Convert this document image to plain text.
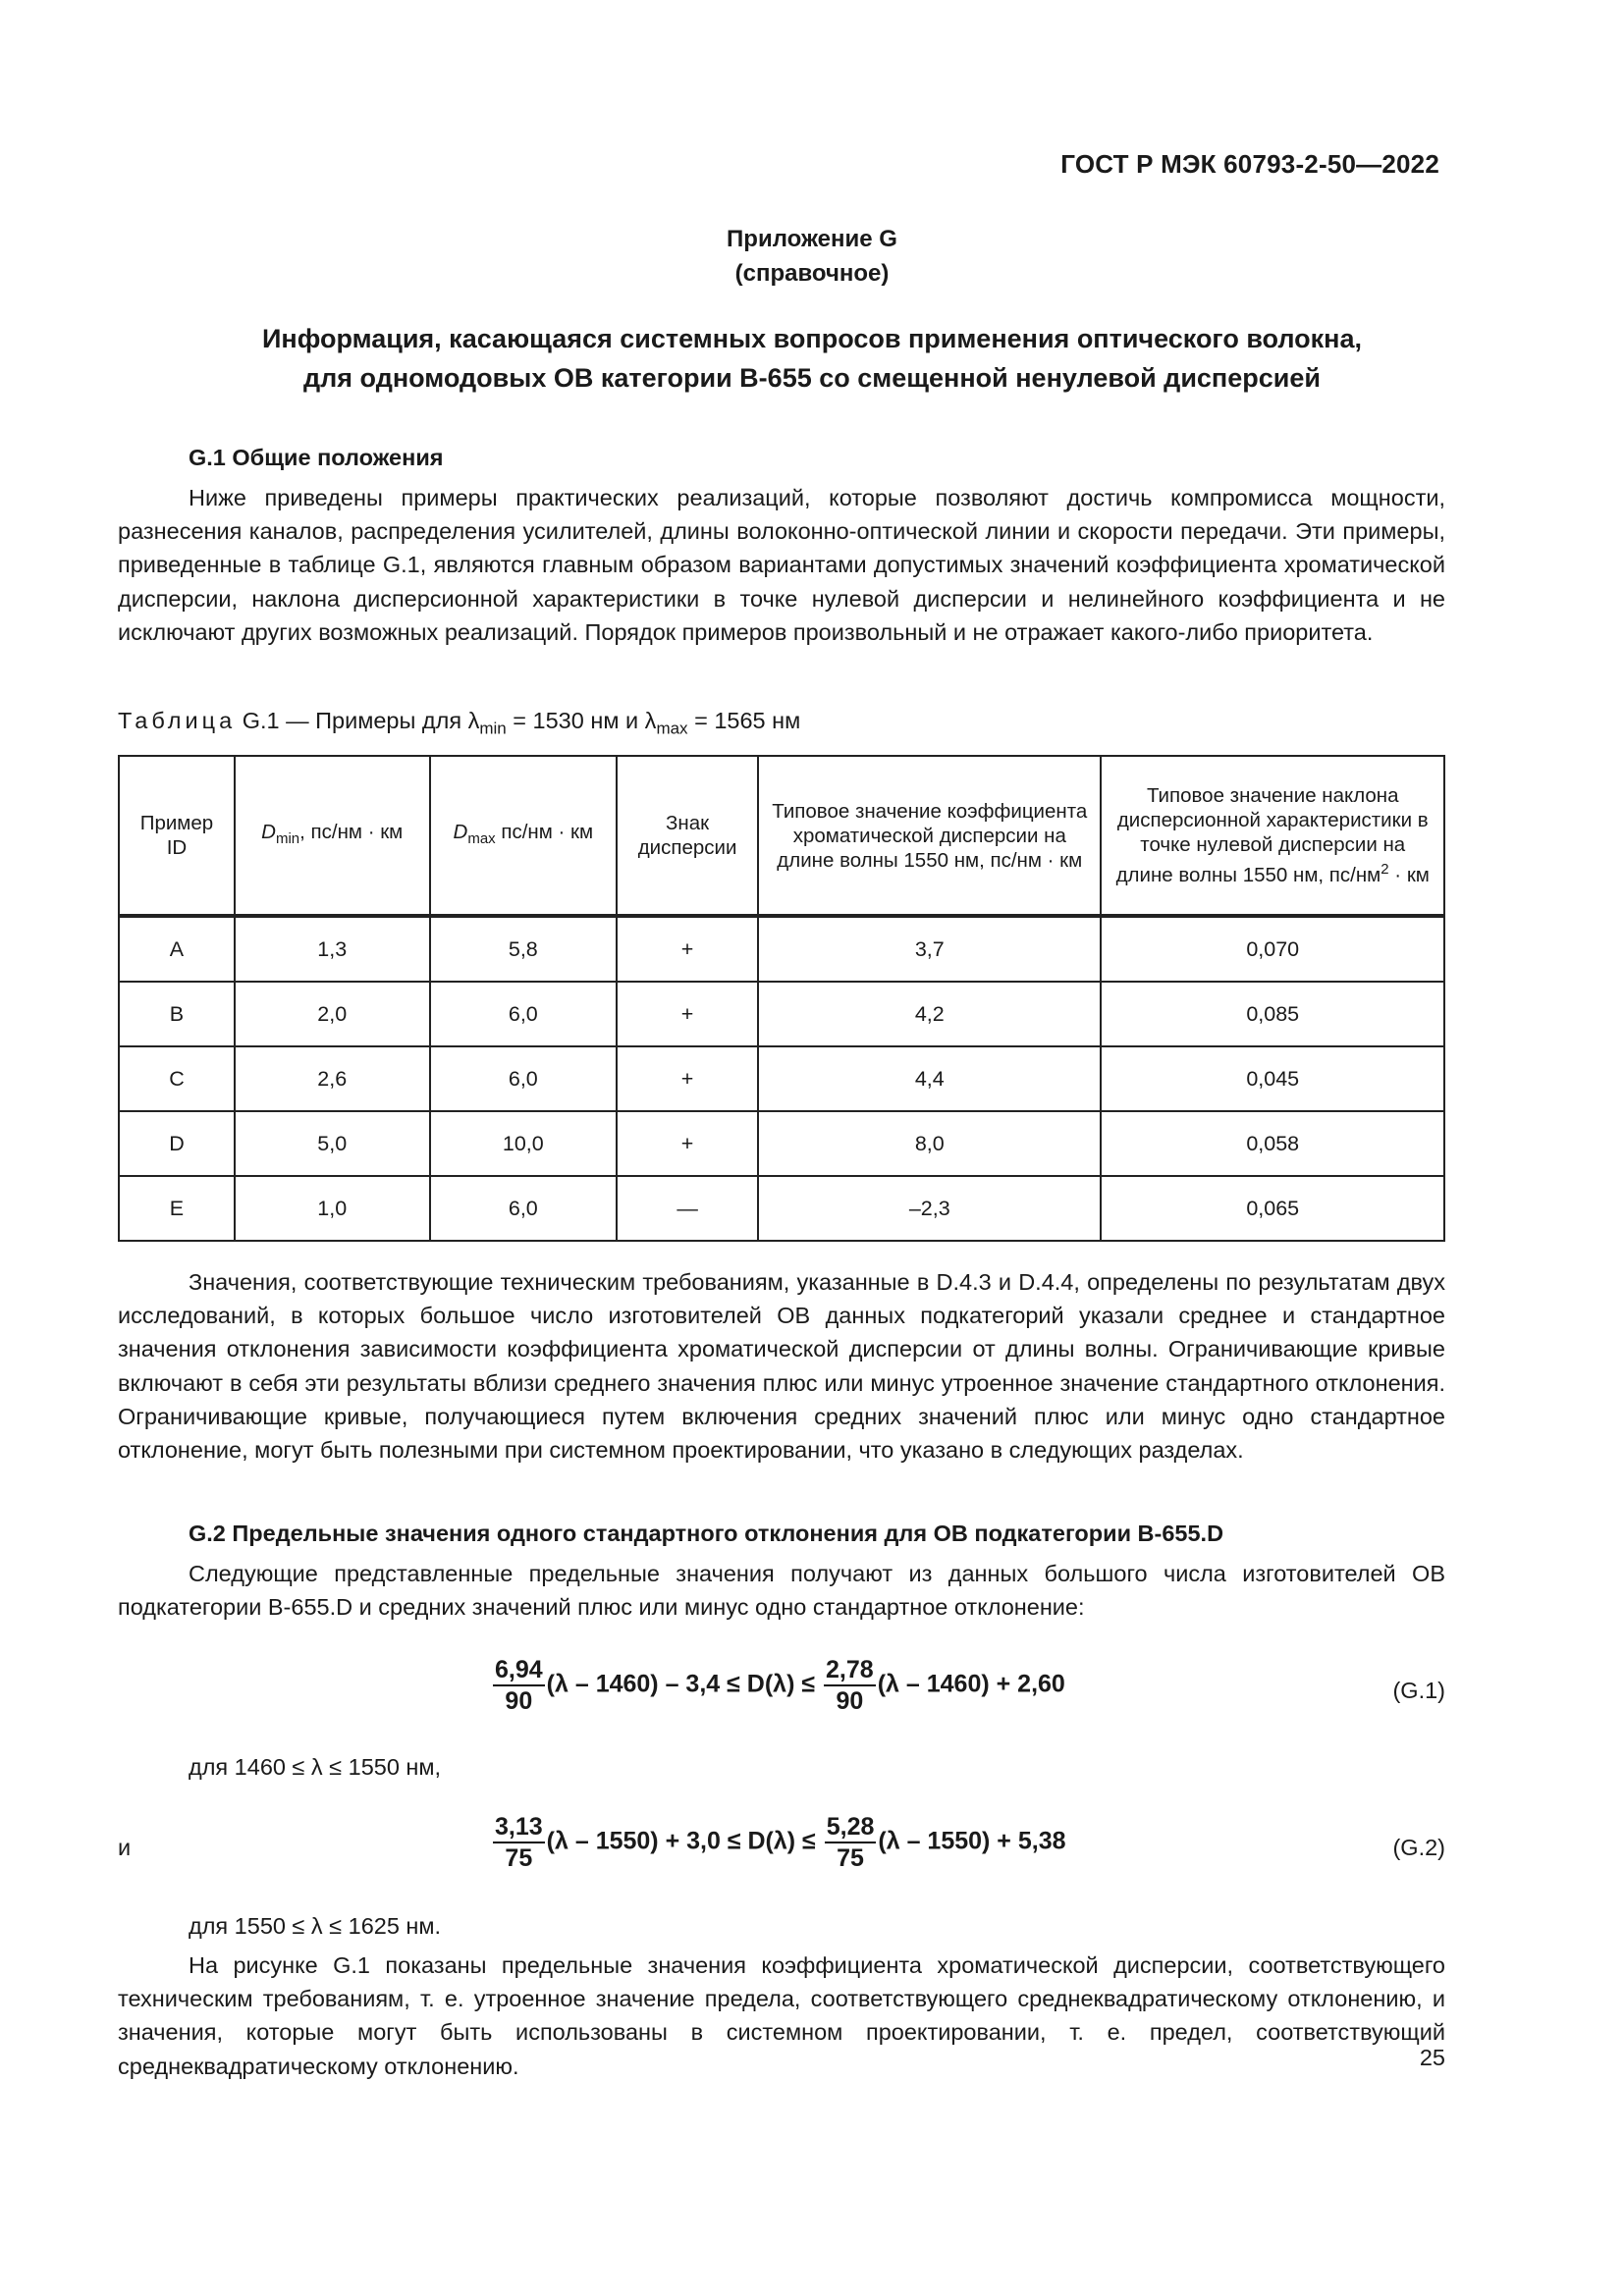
ГОСТ Р МЭК 60793-2-50—2022
Приложение G
(справочное)
Информация, касающаяся системных вопросов применения оптического волокна,
для одномодовых ОВ категории В-655 со смещенной ненулевой дисперсией
G.1 Общие положения
Ниже приведены примеры практических реализаций, которые позволяют достичь компромисса мощности, разнесения каналов, распределения усилителей, длины волоконно-оптической линии и скорости передачи. Эти примеры, приведенные в таблице G.1, являются главным образом вариантами допустимых значений коэффициента хроматической дисперсии, наклона дисперсионной характеристики в точке нулевой дисперсии и нелинейного коэффициента и не исключают других возможных реализаций. Порядок примеров произвольный и не отражает какого-либо приоритета.
Таблица G.1 — Примеры для $\lambda_{min} = 1530$ нм и $\lambda_{max} = 1565$ нм
Пример ID	$D_{min}$, пс/нм · км	$D_{max}$ пс/нм · км	Знак дисперсии	Типовое значение коэффициента хроматической дисперсии на длине волны 1550 нм, пс/нм · км	Типовое значение наклона дисперсионной характеристики в точке нулевой дисперсии на длине волны 1550 нм, $пс/нм^2$ · км
A	1,3	5,8	+	3,7	0,070
B	2,0	6,0	+	4,2	0,085
C	2,6	6,0	+	4,4	0,045
D	5,0	10,0	+	8,0	0,058
E	1,0	6,0	—	–2,3	0,065
Значения, соответствующие техническим требованиям, указанные в D.4.3 и D.4.4, определены по результатам двух исследований, в которых большое число изготовителей ОВ данных подкатегорий указали среднее и стандартное значения отклонения зависимости коэффициента хроматической дисперсии от длины волны. Ограничивающие кривые включают в себя эти результаты вблизи среднего значения плюс или минус утроенное значение стандартного отклонения. Ограничивающие кривые, получающиеся путем включения средних значений плюс или минус одно стандартное отклонение, могут быть полезными при системном проектировании, что указано в следующих разделах.
G.2 Предельные значения одного стандартного отклонения для ОВ подкатегории В-655.D
Следующие представленные предельные значения получают из данных большого числа изготовителей ОВ подкатегории В-655.D и средних значений плюс или минус одно стандартное отклонение:
$\frac{6,94}{90} (\lambda - 1460) - 3,4 \le D(\lambda) \le \frac{2,78}{90} (\lambda - 1460) + 2,60$	(G.1)
для 1460 ≤ λ ≤ 1550 нм,
и	$\frac{3,13}{75} (\lambda - 1550) + 3,0 \le D(\lambda) \le \frac{5,28}{75} (\lambda - 1550) + 5,38$	(G.2)
для 1550 ≤ λ ≤ 1625 нм.
На рисунке G.1 показаны предельные значения коэффициента хроматической дисперсии, соответствующего техническим требованиям, т. е. утроенное значение предела, соответствующего среднеквадратическому отклонению, и значения, которые могут быть использованы в системном проектировании, т. е. предел, соответствующий среднеквадратическому отклонению.	25
